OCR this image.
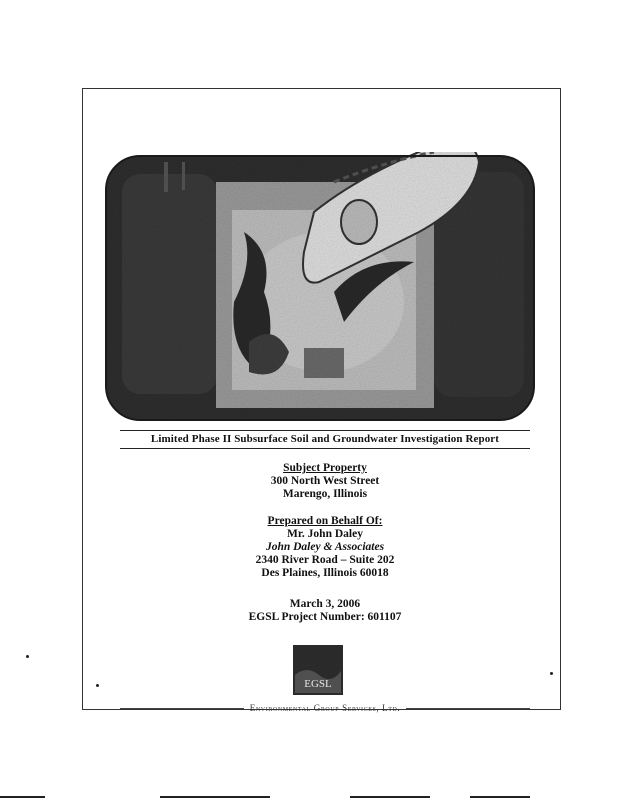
Limited Phase II Subsurface Soil and Groundwater Investigation Report
Subject Property
300 North West Street
Marengo, Illinois
Prepared on Behalf Of:
Mr. John Daley
John Daley & Associates
2340 River Road – Suite 202
Des Plaines, Illinois 60018
March 3, 2006
EGSL Project Number: 601107
EGSL
Environmental Group Services, Ltd.
